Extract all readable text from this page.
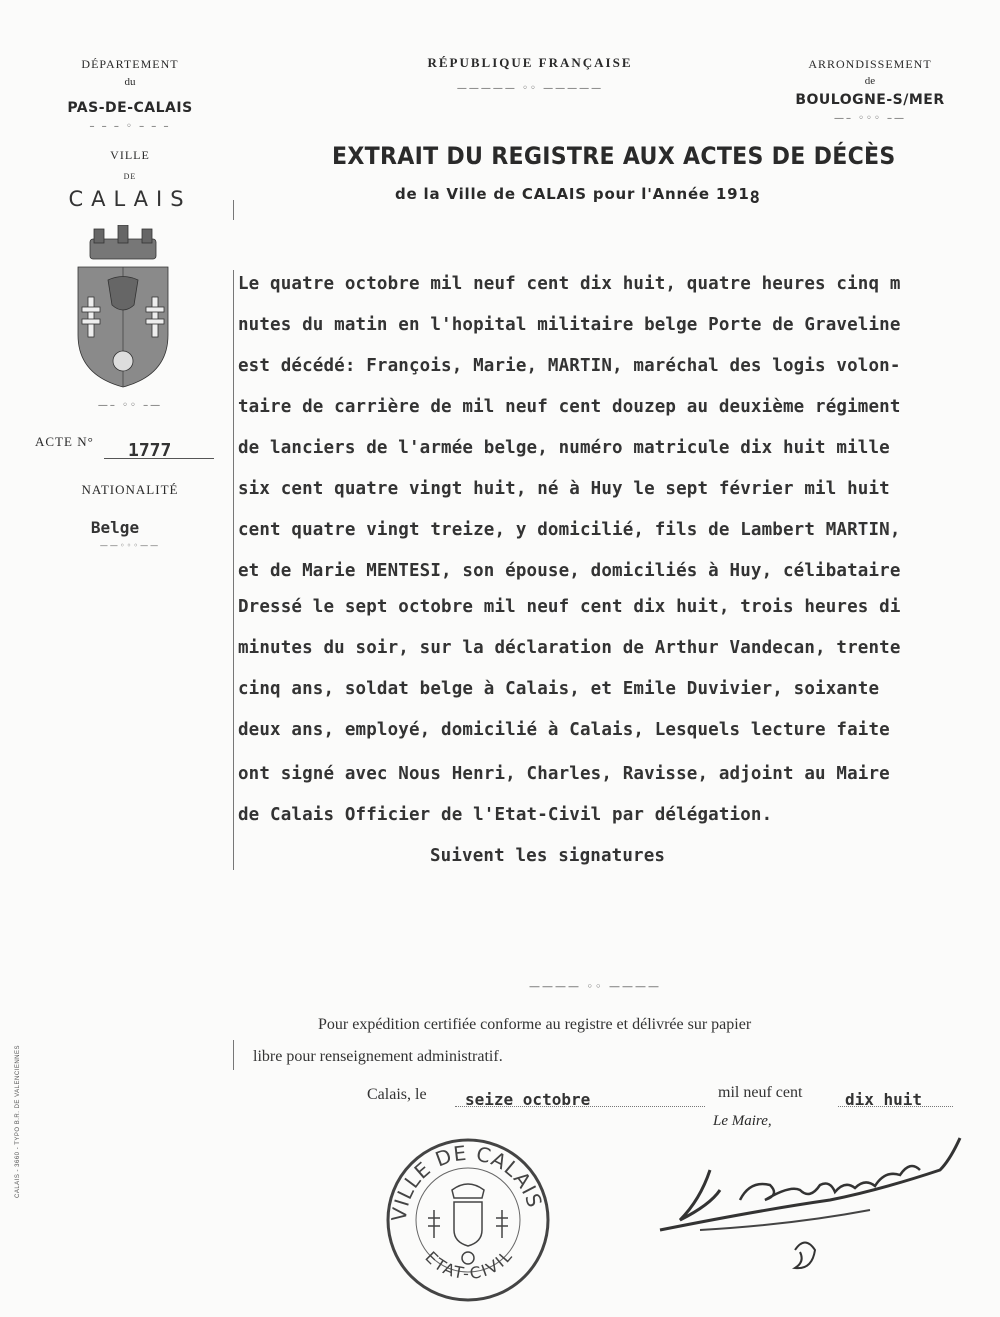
DÉPARTEMENT
du
PAS-DE-CALAIS
– – – ◦ – – –
VILLE
DE
CALAIS
—– ◦◦ –—
ACTE N° 1777
NATIONALITÉ
Belge
——◦◦◦——
CALAIS - 3660 - TYPO B.R. DE VALENCIENNES
RÉPUBLIQUE FRANÇAISE
————— ◦◦ —————
ARRONDISSEMENT
de
BOULOGNE-S/MER
—– ◦◦◦ –—
EXTRAIT DU REGISTRE AUX ACTES DE DÉCÈS
de la Ville de CALAIS pour l'Année 1918
Le quatre octobre mil neuf cent dix huit, quatre heures cinq m
nutes du matin en l'hopital militaire belge Porte de Graveline
est décédé: François, Marie, MARTIN, maréchal des logis volon-
taire de carrière de mil neuf cent douzep au deuxième régiment
de lanciers de l'armée belge, numéro matricule dix huit mille
six cent quatre vingt huit, né à Huy le sept février mil huit
cent quatre vingt treize, y domicilié, fils de Lambert MARTIN,
et de Marie MENTESI, son épouse, domiciliés à Huy, célibataire
Dressé le sept octobre mil neuf cent dix huit, trois heures di
minutes du soir, sur la déclaration de Arthur Vandecan, trente
cinq ans, soldat belge à Calais, et Emile Duvivier, soixante
deux ans, employé, domicilié à Calais, Lesquels lecture faite
ont signé avec Nous Henri, Charles, Ravisse, adjoint au Maire
de Calais Officier de l'Etat-Civil par délégation.
Suivent les signatures
———— ◦◦ ————
Pour expédition certifiée conforme au registre et délivrée sur papier
libre pour renseignement administratif.
Calais, le seize octobre	mil neuf cent	dix huit
Le Maire,
VILLE DE CALAIS
ETAT-CIVIL
